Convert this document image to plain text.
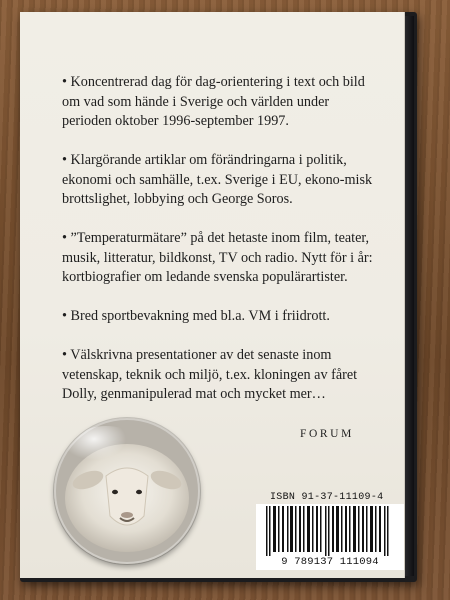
• Koncentrerad dag för dag-orientering i text och bild om vad som hände i Sverige och världen under perioden oktober 1996-september 1997.

• Klargörande artiklar om förändringarna i politik, ekonomi och samhälle, t.ex. Sverige i EU, ekono-misk brottslighet, lobbying och George Soros.

• ”Temperaturmätare” på det hetaste inom film, teater, musik, litteratur, bildkonst, TV och radio. Nytt för i år: kortbiografier om ledande svenska populärartister.

• Bred sportbevakning med bl.a. VM i friidrott.

• Välskrivna presentationer av det senaste inom vetenskap, teknik och miljö, t.ex. kloningen av fåret Dolly, genmanipulerad mat och mycket mer…

FORUM
ISBN 91-37-11109-4
9 789137 111094
